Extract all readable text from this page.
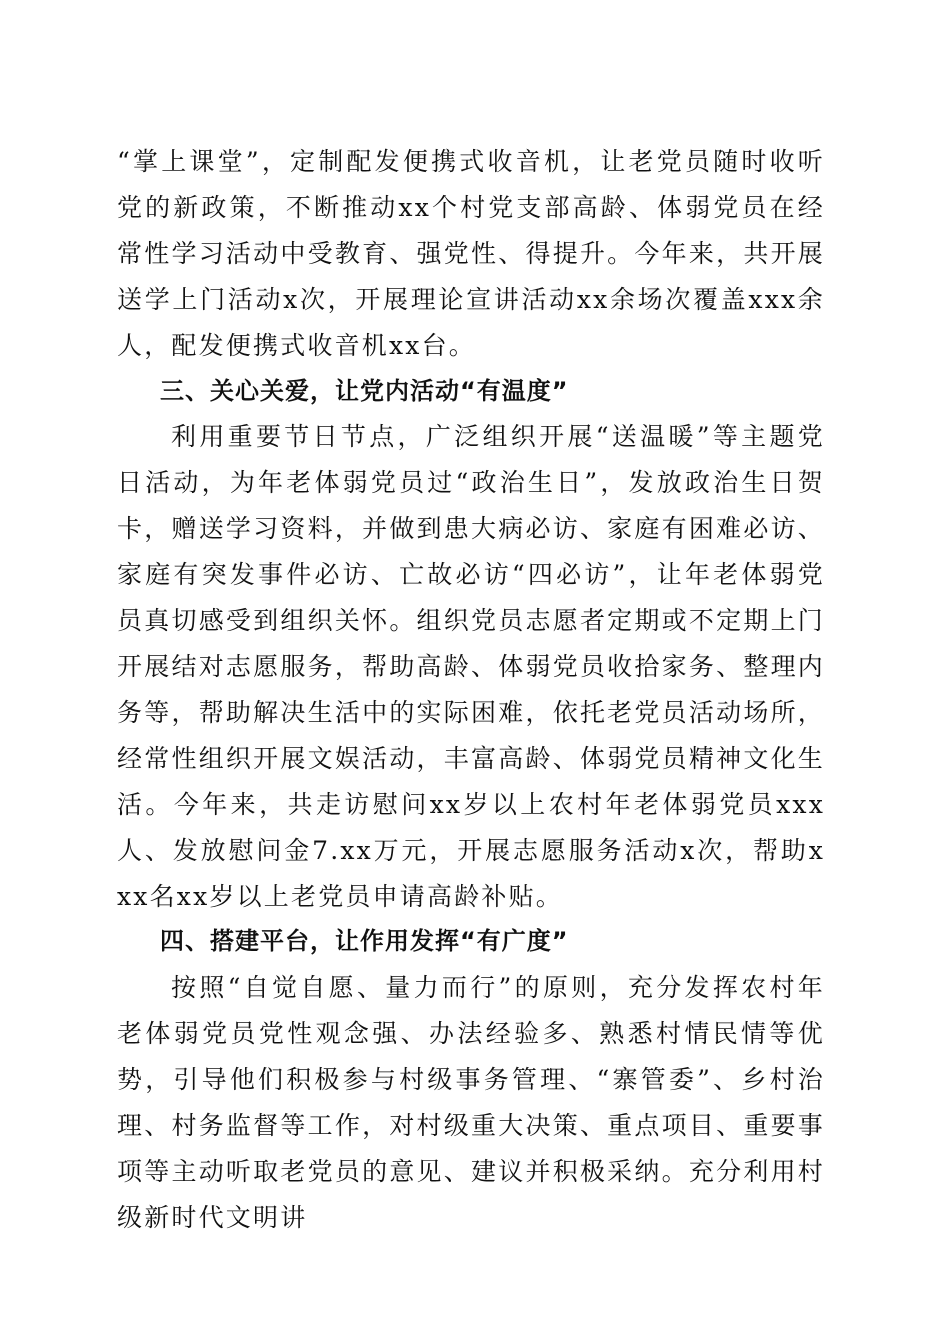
“掌上课堂”，定制配发便携式收音机，让老党员随时收听党的新政策，不断推动xx个村党支部高龄、体弱党员在经常性学习活动中受教育、强党性、得提升。今年来，共开展送学上门活动x次，开展理论宣讲活动xx余场次覆盖xxx余人，配发便携式收音机xx台。

三、关心关爱，让党内活动“有温度”

利用重要节日节点，广泛组织开展“送温暖”等主题党日活动，为年老体弱党员过“政治生日”，发放政治生日贺卡，赠送学习资料，并做到患大病必访、家庭有困难必访、家庭有突发事件必访、亡故必访“四必访”，让年老体弱党员真切感受到组织关怀。组织党员志愿者定期或不定期上门开展结对志愿服务，帮助高龄、体弱党员收拾家务、整理内务等，帮助解决生活中的实际困难，依托老党员活动场所，经常性组织开展文娱活动，丰富高龄、体弱党员精神文化生活。今年来，共走访慰问xx岁以上农村年老体弱党员xxx人、发放慰问金7.xx万元，开展志愿服务活动x次，帮助xxx名xx岁以上老党员申请高龄补贴。

四、搭建平台，让作用发挥“有广度”

按照“自觉自愿、量力而行”的原则，充分发挥农村年老体弱党员党性观念强、办法经验多、熟悉村情民情等优势，引导他们积极参与村级事务管理、“寨管委”、乡村治理、村务监督等工作，对村级重大决策、重点项目、重要事项等主动听取老党员的意见、建议并积极采纳。充分利用村级新时代文明讲
